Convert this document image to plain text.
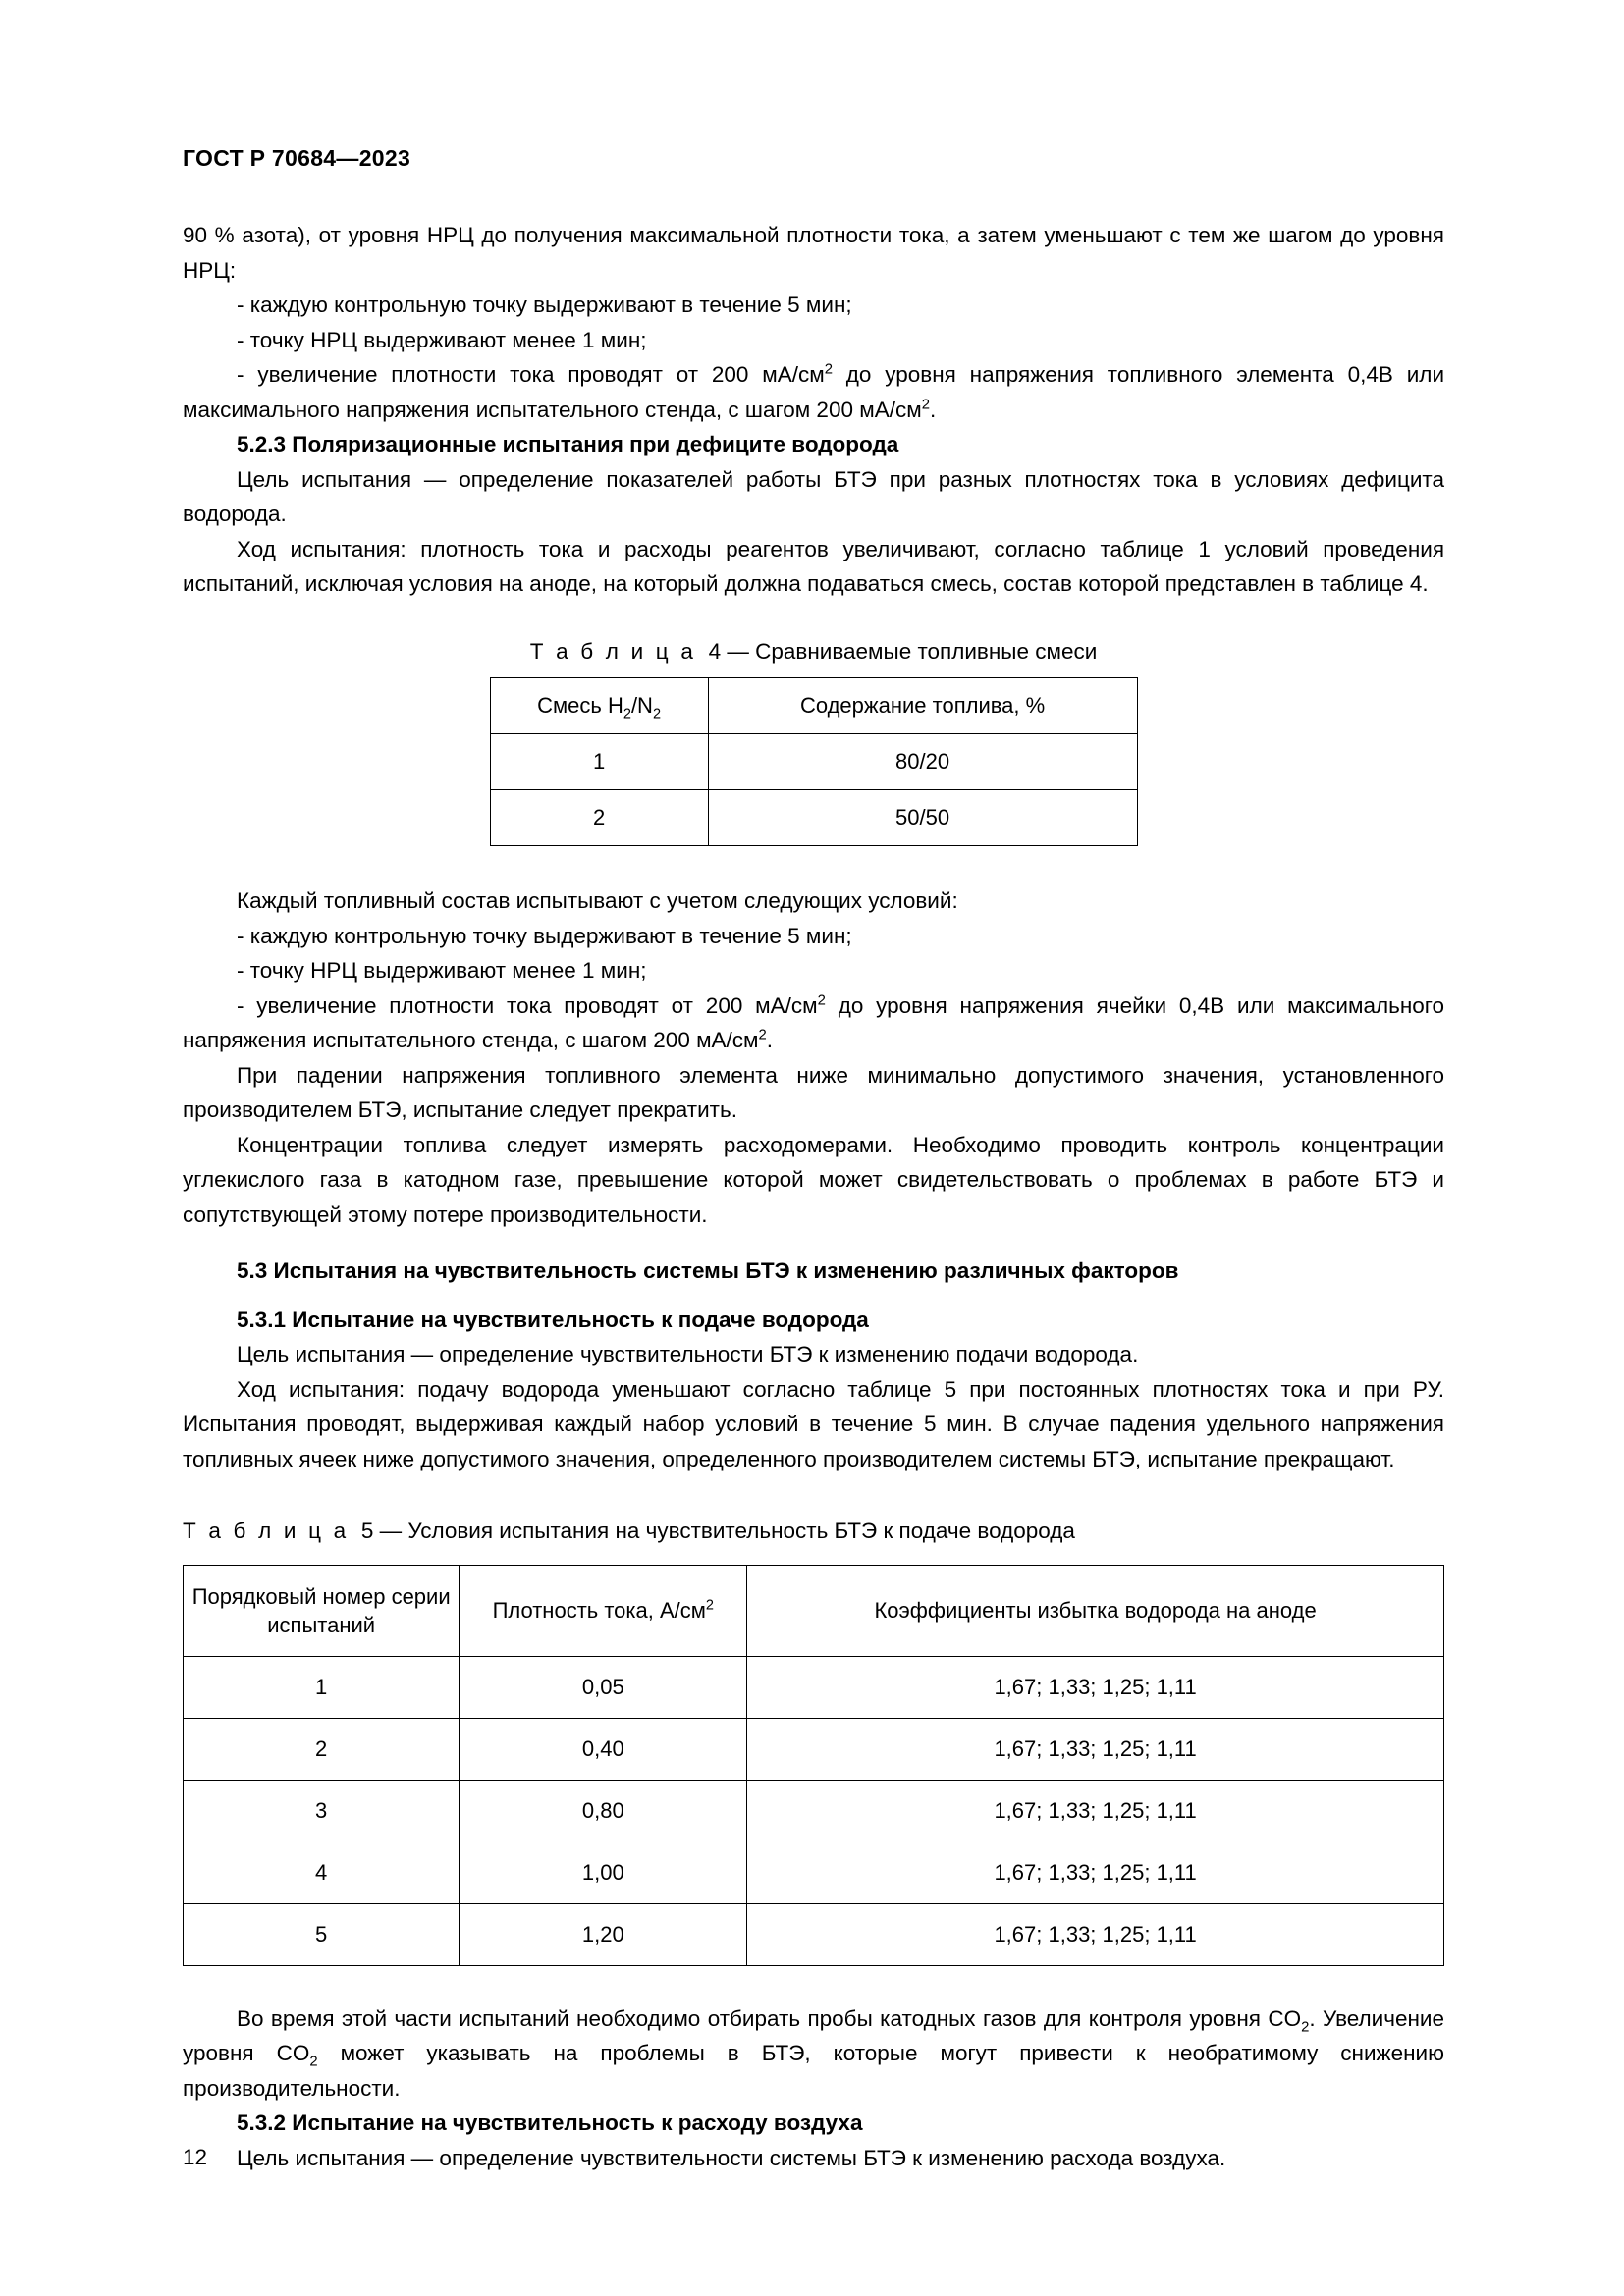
ГОСТ Р 70684—2023

90 % азота), от уровня НРЦ до получения максимальной плотности тока, а затем уменьшают с тем же шагом до уровня НРЦ:

- каждую контрольную точку выдерживают в течение 5 мин;

- точку НРЦ выдерживают менее 1 мин;

- увеличение плотности тока проводят от 200 $мА/см^2$ до уровня напряжения топливного элемента 0,4В или максимального напряжения испытательного стенда, с шагом 200 $мА/см^2$.

5.2.3 Поляризационные испытания при дефиците водорода

Цель испытания — определение показателей работы БТЭ при разных плотностях тока в условиях дефицита водорода.

Ход испытания: плотность тока и расходы реагентов увеличивают, согласно таблице 1 условий проведения испытаний, исключая условия на аноде, на который должна подаваться смесь, состав которой представлен в таблице 4.

Т а б л и ц а 4 — Сравниваемые топливные смеси

Смесь $H_2/N_2$	Содержание топлива, %
1	80/20
2	50/50

Каждый топливный состав испытывают с учетом следующих условий:

- каждую контрольную точку выдерживают в течение 5 мин;

- точку НРЦ выдерживают менее 1 мин;

- увеличение плотности тока проводят от 200 $мА/см^2$ до уровня напряжения ячейки 0,4В или максимального напряжения испытательного стенда, с шагом 200 $мА/см^2$.

При падении напряжения топливного элемента ниже минимально допустимого значения, установленного производителем БТЭ, испытание следует прекратить.

Концентрации топлива следует измерять расходомерами. Необходимо проводить контроль концентрации углекислого газа в катодном газе, превышение которой может свидетельствовать о проблемах в работе БТЭ и сопутствующей этому потере производительности.

5.3 Испытания на чувствительность системы БТЭ к изменению различных факторов

5.3.1 Испытание на чувствительность к подаче водорода

Цель испытания — определение чувствительности БТЭ к изменению подачи водорода.

Ход испытания: подачу водорода уменьшают согласно таблице 5 при постоянных плотностях тока и при РУ. Испытания проводят, выдерживая каждый набор условий в течение 5 мин. В случае падения удельного напряжения топливных ячеек ниже допустимого значения, определенного производителем системы БТЭ, испытание прекращают.

Т а б л и ц а 5 — Условия испытания на чувствительность БТЭ к подаче водорода

Порядковый номер серии испытаний	Плотность тока, $А/см^2$	Коэффициенты избытка водорода на аноде
1	0,05	1,67; 1,33; 1,25; 1,11
2	0,40	1,67; 1,33; 1,25; 1,11
3	0,80	1,67; 1,33; 1,25; 1,11
4	1,00	1,67; 1,33; 1,25; 1,11
5	1,20	1,67; 1,33; 1,25; 1,11

Во время этой части испытаний необходимо отбирать пробы катодных газов для контроля уровня $CO_2$. Увеличение уровня $CO_2$ может указывать на проблемы в БТЭ, которые могут привести к необратимому снижению производительности.

5.3.2 Испытание на чувствительность к расходу воздуха

Цель испытания — определение чувствительности системы БТЭ к изменению расхода воздуха.

12
